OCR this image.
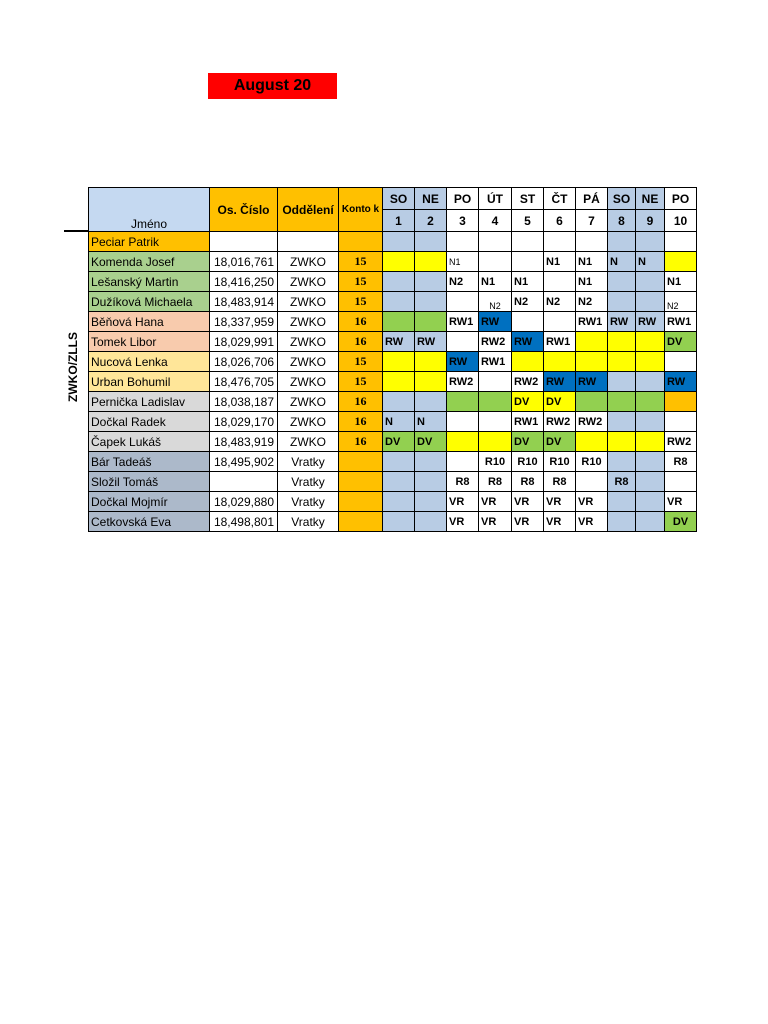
August 20
ZWKO/ZLLS
Jméno	Os. Číslo	Oddělení	Konto k	SO	NE	PO	ÚT	ST	ČT	PÁ	SO	NE	PO
				1	2	3	4	5	6	7	8	9	10
Peciar Patrik													
Komenda Josef	18,016,761	ZWKO	15			N1			N1	N1	N	N	
Lešanský Martin	18,416,250	ZWKO	15			N2	N1	N1		N1			N1
Dužíková Michaela	18,483,914	ZWKO	15				N2	N2	N2	N2			N2
Běňová Hana	18,337,959	ZWKO	16			RW1	RW			RW1	RW	RW	RW1
Tomek Libor	18,029,991	ZWKO	16	RW	RW		RW2	RW	RW1				DV
Nucová Lenka	18,026,706	ZWKO	15			RW	RW1						
Urban Bohumil	18,476,705	ZWKO	15			RW2		RW2	RW	RW			RW
Pernička Ladislav	18,038,187	ZWKO	16					DV	DV				
Dočkal Radek	18,029,170	ZWKO	16	N	N			RW1	RW2	RW2			
Čapek Lukáš	18,483,919	ZWKO	16	DV	DV			DV	DV				RW2
Bár Tadeáš	18,495,902	Vratky					R10	R10	R10	R10			R8
Složil Tomáš		Vratky				R8	R8	R8	R8		R8		
Dočkal Mojmír	18,029,880	Vratky				VR	VR	VR	VR	VR			VR
Cetkovská Eva	18,498,801	Vratky				VR	VR	VR	VR	VR			DV
